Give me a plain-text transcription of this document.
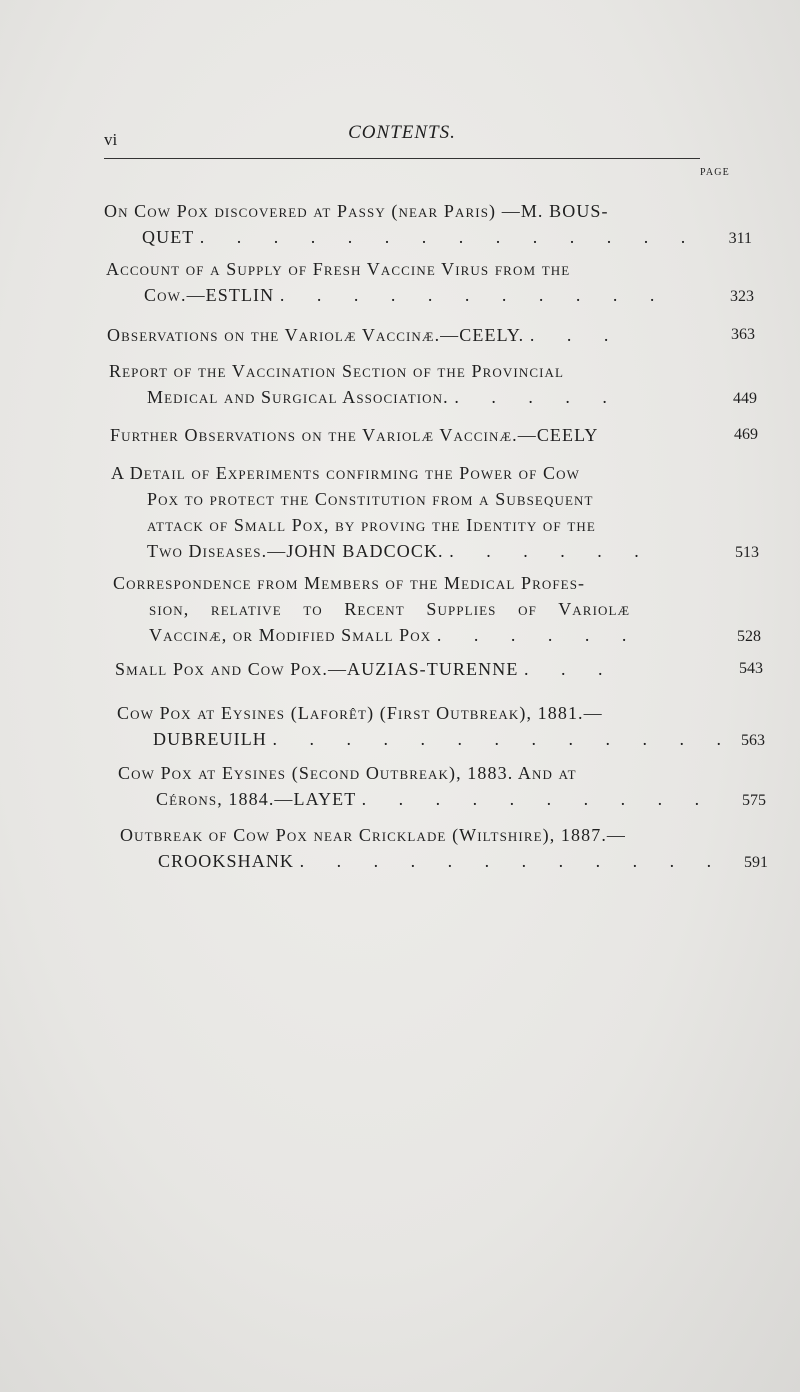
vi	CONTENTS.
PAGE
On Cow Pox discovered at Passy (near Paris) —M. BOUS-
QUET . . . . . . . . . . . . . .	311
Account of a Supply of Fresh Vaccine Virus from the
Cow.—ESTLIN . . . . . . . . . . .	323
Observations on the Variolæ Vaccinæ.—CEELY. . . .	363
Report of the Vaccination Section of the Provincial
Medical and Surgical Association. . . . . .	449
Further Observations on the Variolæ Vaccinæ.—CEELY	469
A Detail of Experiments confirming the Power of Cow
Pox to protect the Constitution from a Subsequent
attack of Small Pox, by proving the Identity of the
Two Diseases.—JOHN BADCOCK. . . . . . .	513
Correspondence from Members of the Medical Profes-
sion, relative to Recent Supplies of Variolæ
Vaccinæ, or Modified Small Pox . . . . . .	528
Small Pox and Cow Pox.—AUZIAS-TURENNE . . .	543
Cow Pox at Eysines (Laforêt) (First Outbreak), 1881.—
DUBREUILH . . . . . . . . . . . . . 563
Cow Pox at Eysines (Second Outbreak), 1883. And at
Cérons, 1884.—LAYET . . . . . . . . . .	575
Outbreak of Cow Pox near Cricklade (Wiltshire), 1887.—
CROOKSHANK . . . . . . . . . . . .	591
